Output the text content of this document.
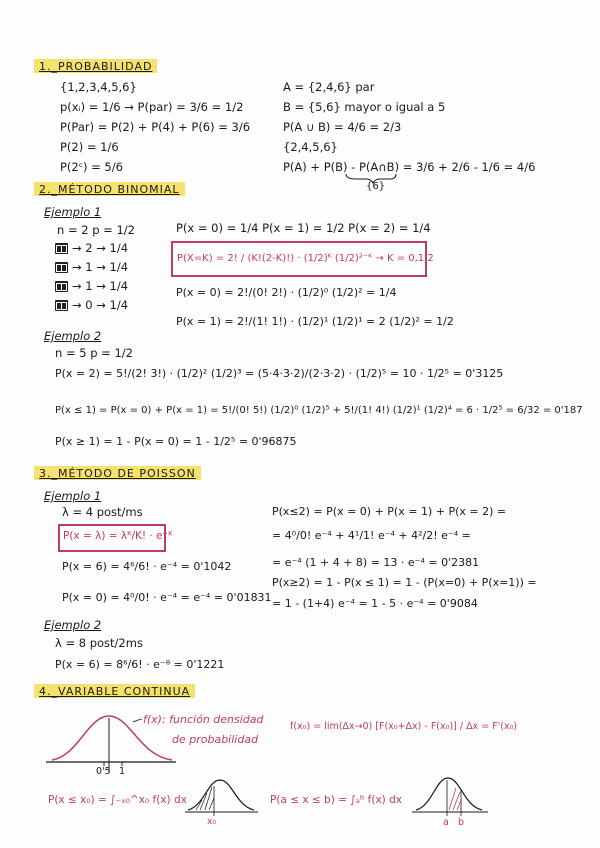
1._PROBABILIDAD
{1,2,3,4,5,6}
p(xᵢ) = 1/6 → P(par) = 3/6 = 1/2
P(Par) = P(2) + P(4) + P(6) = 3/6
P(2) = 1/6
P(2ᶜ) = 5/6
A = {2,4,6} par
B = {5,6} mayor o igual a 5
P(A ∪ B) = 4/6 = 2/3
{2,4,5,6}
P(A) + P(B) - P(A∩B) = 3/6 + 2/6 - 1/6 = 4/6
{6}
2._MÉTODO BINOMIAL
Ejemplo 1
n = 2 p = 1/2	P(x = 0) = 1/4 P(x = 1) = 1/2 P(x = 2) = 1/4
→ 2 → 1/4
→ 1 → 1/4
→ 1 → 1/4
→ 0 → 1/4
P(X=K) = 2! / (K!(2-K)!) · (1/2)ᴷ (1/2)²⁻ᴷ → K = 0,1,2
P(x = 0) = 2!/(0! 2!) · (1/2)⁰ (1/2)² = 1/4
P(x = 1) = 2!/(1! 1!) · (1/2)¹ (1/2)¹ = 2 (1/2)² = 1/2
Ejemplo 2
n = 5 p = 1/2
P(x = 2) = 5!/(2! 3!) · (1/2)² (1/2)³ = (5·4·3·2)/(2·3·2) · (1/2)⁵ = 10 · 1/2⁵ = 0'3125
P(x ≤ 1) = P(x = 0) + P(x = 1) = 5!/(0! 5!) (1/2)⁰ (1/2)⁵ + 5!/(1! 4!) (1/2)¹ (1/2)⁴ = 6 · 1/2⁵ = 6/32 = 0'187
P(x ≥ 1) = 1 - P(x = 0) = 1 - 1/2⁵ = 0'96875
3._MÉTODO DE POISSON
Ejemplo 1
λ = 4 post/ms
P(x = λ) = λᴷ/K! · e⁻ᴷ
P(x = 6) = 4⁶/6! · e⁻⁴ = 0'1042
P(x = 0) = 4⁰/0! · e⁻⁴ = e⁻⁴ = 0'01831
P(x≤2) = P(x = 0) + P(x = 1) + P(x = 2) =
= 4⁰/0! e⁻⁴ + 4¹/1! e⁻⁴ + 4²/2! e⁻⁴ =
= e⁻⁴ (1 + 4 + 8) = 13 · e⁻⁴ = 0'2381
P(x≥2) = 1 - P(x ≤ 1) = 1 - (P(x=0) + P(x=1)) =
= 1 - (1+4) e⁻⁴ = 1 - 5 · e⁻⁴ = 0'9084
Ejemplo 2
λ = 8 post/2ms
P(x = 6) = 8⁶/6! · e⁻⁸ = 0'1221
4._VARIABLE CONTINUA
f(x): función densidad
de probabilidad
0'5 1
f(x₀) = lim(Δx→0) [F(x₀+Δx) - F(x₀)] / Δx = F'(x₀)
P(x ≤ x₀) = ∫₋ₓ₀^x₀ f(x) dx
x₀
P(a ≤ x ≤ b) = ∫ₐᵇ f(x) dx
a b
